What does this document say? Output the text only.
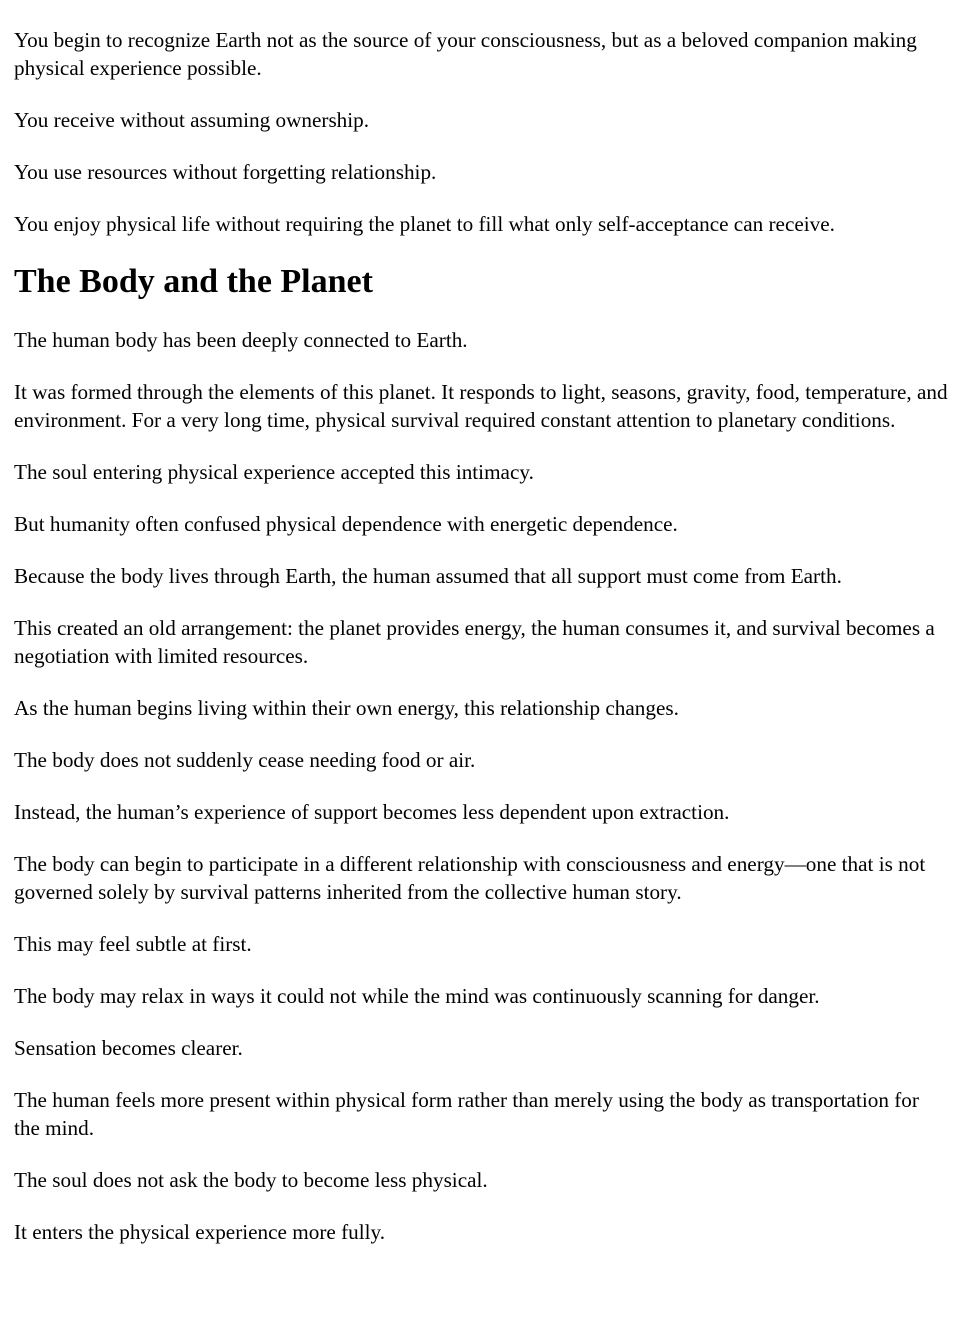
You begin to recognize Earth not as the source of your consciousness, but as a beloved companion making physical experience possible.

You receive without assuming ownership.

You use resources without forgetting relationship.

You enjoy physical life without requiring the planet to fill what only self-acceptance can receive.

The Body and the Planet

The human body has been deeply connected to Earth.

It was formed through the elements of this planet. It responds to light, seasons, gravity, food, temperature, and environment. For a very long time, physical survival required constant attention to planetary conditions.

The soul entering physical experience accepted this intimacy.

But humanity often confused physical dependence with energetic dependence.

Because the body lives through Earth, the human assumed that all support must come from Earth.

This created an old arrangement: the planet provides energy, the human consumes it, and survival becomes a negotiation with limited resources.

As the human begins living within their own energy, this relationship changes.

The body does not suddenly cease needing food or air.

Instead, the human’s experience of support becomes less dependent upon extraction.

The body can begin to participate in a different relationship with consciousness and energy—one that is not governed solely by survival patterns inherited from the collective human story.

This may feel subtle at first.

The body may relax in ways it could not while the mind was continuously scanning for danger.

Sensation becomes clearer.

The human feels more present within physical form rather than merely using the body as transportation for the mind.

The soul does not ask the body to become less physical.

It enters the physical experience more fully.
